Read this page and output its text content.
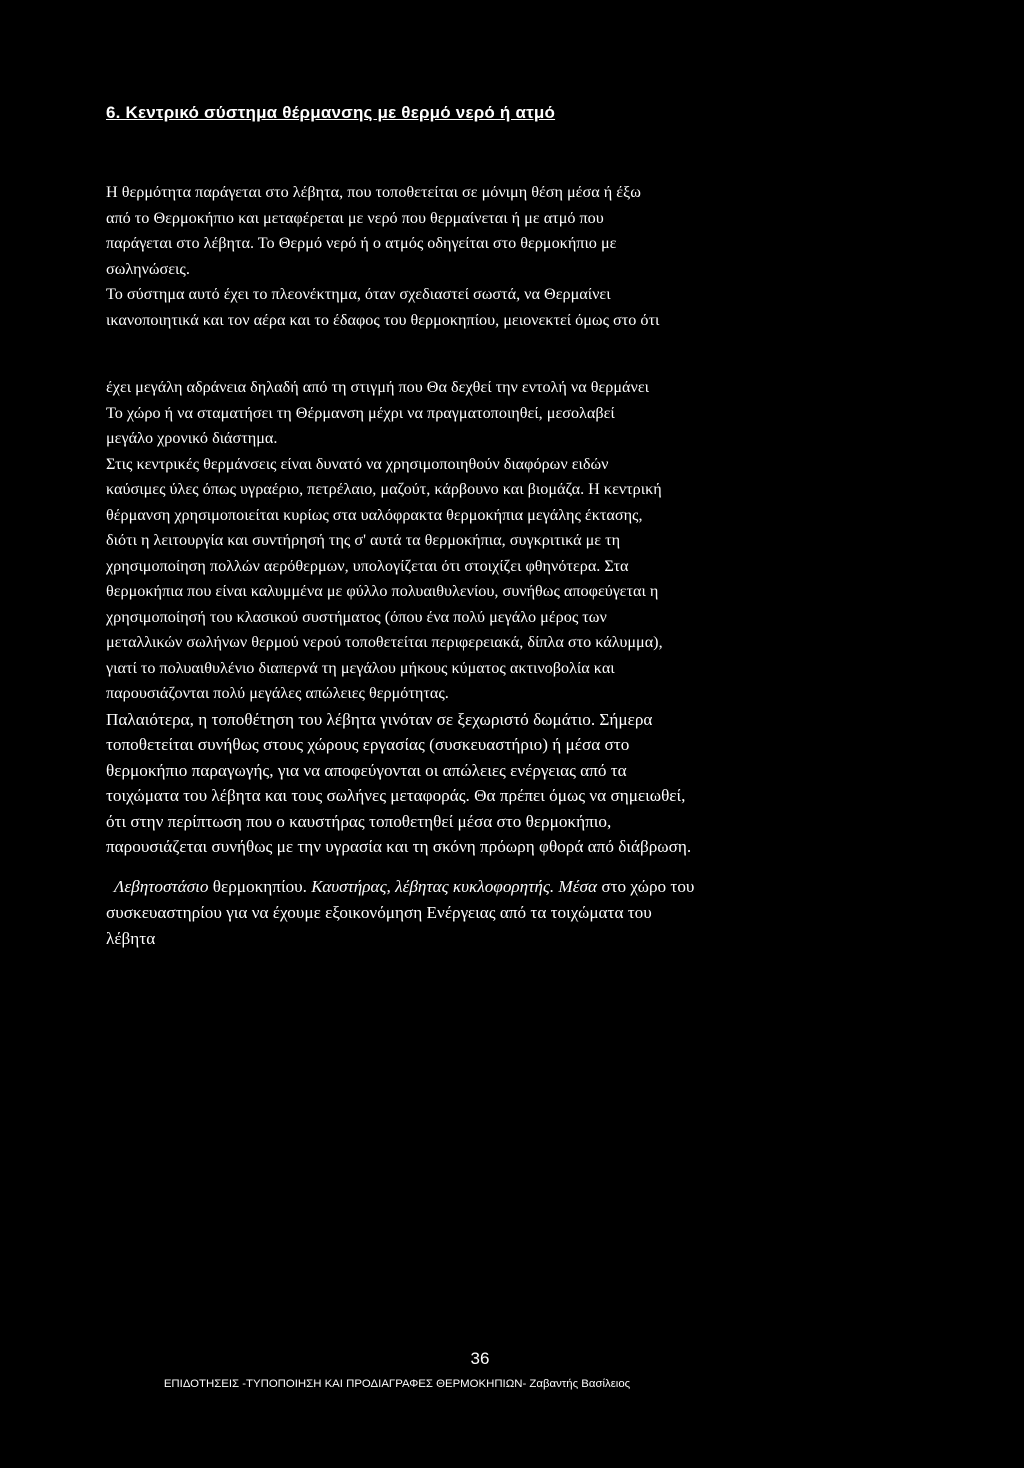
6. Κεντρικό σύστημα θέρμανσης με θερμό νερό ή ατμό
Η θερμότητα παράγεται στο λέβητα, που τοποθετείται σε μόνιμη θέση μέσα ή έξω
από το Θερμοκήπιο και μεταφέρεται με νερό που θερμαίνεται ή με ατμό που
παράγεται στο λέβητα. Το Θερμό νερό ή ο ατμός οδηγείται στο θερμοκήπιο με
σωληνώσεις.
Το σύστημα αυτό έχει το πλεονέκτημα, όταν σχεδιαστεί σωστά, να Θερμαίνει
ικανοποιητικά και τον αέρα και το έδαφος του θερμοκηπίου, μειονεκτεί όμως στο ότι
έχει μεγάλη αδράνεια δηλαδή από τη στιγμή που Θα δεχθεί την εντολή να θερμάνει
Το χώρο ή να σταματήσει τη Θέρμανση μέχρι να πραγματοποιηθεί, μεσολαβεί
μεγάλο χρονικό διάστημα.
Στις κεντρικές θερμάνσεις είναι δυνατό να χρησιμοποιηθούν διαφόρων ειδών
καύσιμες ύλες όπως υγραέριο, πετρέλαιο, μαζούτ, κάρβουνο και βιομάζα. Η κεντρική
θέρμανση χρησιμοποιείται κυρίως στα υαλόφρακτα θερμοκήπια μεγάλης έκτασης,
διότι η λειτουργία και συντήρησή της σ' αυτά τα θερμοκήπια, συγκριτικά με τη
χρησιμοποίηση πολλών αερόθερμων, υπολογίζεται ότι στοιχίζει φθηνότερα. Στα
θερμοκήπια που είναι καλυμμένα με φύλλο πολυαιθυλενίου, συνήθως αποφεύγεται η
χρησιμοποίησή του κλασικού συστήματος (όπου ένα πολύ μεγάλο μέρος των
μεταλλικών σωλήνων θερμού νερού τοποθετείται περιφερειακά, δίπλα στο κάλυμμα),
γιατί το πολυαιθυλένιο διαπερνά τη μεγάλου μήκους κύματος ακτινοβολία και
παρουσιάζονται πολύ μεγάλες απώλειες θερμότητας.
Παλαιότερα, η τοποθέτηση του λέβητα γινόταν σε ξεχωριστό δωμάτιο. Σήμερα
τοποθετείται συνήθως στους χώρους εργασίας (συσκευαστήριο) ή μέσα στο
θερμοκήπιο παραγωγής, για να αποφεύγονται οι απώλειες ενέργειας από τα
τοιχώματα του λέβητα και τους σωλήνες μεταφοράς. Θα πρέπει όμως να σημειωθεί,
ότι στην περίπτωση που ο καυστήρας τοποθετηθεί μέσα στο θερμοκήπιο,
παρουσιάζεται συνήθως με την υγρασία και τη σκόνη πρόωρη φθορά από διάβρωση.
Λεβητοστάσιο θερμοκηπίου. Καυστήρας, λέβητας κυκλοφορητής. Μέσα στο χώρο του
συσκευαστηρίου για να έχουμε εξοικονόμηση Ενέργειας από τα τοιχώματα του
λέβητα

36

ΕΠΙΔΟΤΗΣΕΙΣ -ΤΥΠΟΠΟΙΗΣΗ ΚΑΙ ΠΡΟΔΙΑΓΡΑΦΕΣ ΘΕΡΜΟΚΗΠΙΩΝ- Ζαβαντής Βασίλειος
